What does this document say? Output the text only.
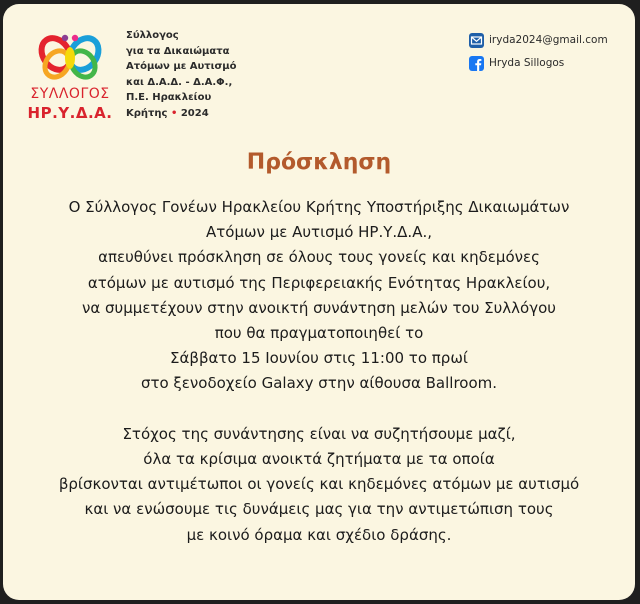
ΣΥΛΛΟΓΟΣ
ΗΡ.Υ.Δ.Α.
Σύλλογος
για τα Δικαιώματα
Ατόμων με Αυτισμό
και Δ.Α.Δ. - Δ.Α.Φ.,
Π.Ε. Ηρακλείου
Κρήτης • 2024
iryda2024@gmail.com
Hryda Sillogos
Πρόσκληση
Ο Σύλλογος Γονέων Ηρακλείου Κρήτης Υποστήριξης Δικαιωμάτων
Ατόμων με Αυτισμό ΗΡ.Υ.Δ.Α.,
απευθύνει πρόσκληση σε όλους τους γονείς και κηδεμόνες
ατόμων με αυτισμό της Περιφερειακής Ενότητας Ηρακλείου,
να συμμετέχουν στην ανοικτή συνάντηση μελών του Συλλόγου
που θα πραγματοποιηθεί το
Σάββατο 15 Ιουνίου στις 11:00 το πρωί
στο ξενοδοχείο Galaxy στην αίθουσα Ballroom.
Στόχος της συνάντησης είναι να συζητήσουμε μαζί,
όλα τα κρίσιμα ανοικτά ζητήματα με τα οποία
βρίσκονται αντιμέτωποι οι γονείς και κηδεμόνες ατόμων με αυτισμό
και να ενώσουμε τις δυνάμεις μας για την αντιμετώπιση τους
με κοινό όραμα και σχέδιο δράσης.
